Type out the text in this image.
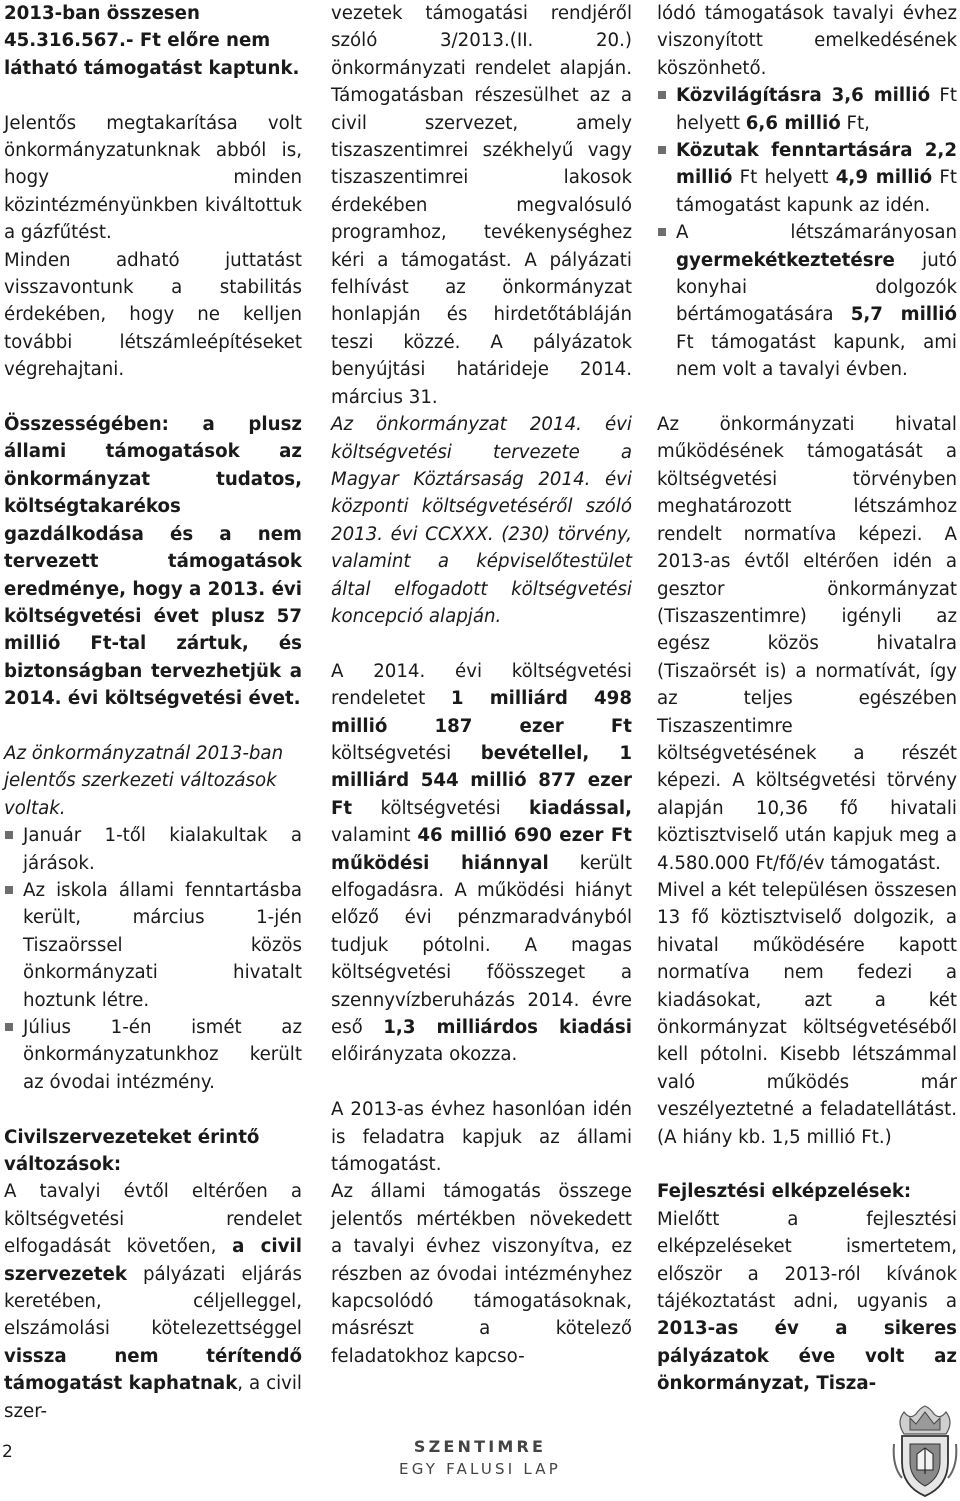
2013-ban összesen 45.316.567.- Ft előre nem látható támogatást kaptunk.

Jelentős megtakarítása volt önkormányzatunknak abból is, hogy minden közintézményünkben kiváltottuk a gázfűtést.

Minden adható juttatást visszavontunk a stabilitás érdekében, hogy ne kelljen további létszámleépítéseket végrehajtani.

Összességében: a plusz állami támogatások az önkormányzat tudatos, költségtakarékos gazdálkodása és a nem tervezett támogatások eredménye, hogy a 2013. évi költségvetési évet plusz 57 millió Ft-tal zártuk, és biztonságban tervezhetjük a 2014. évi költségvetési évet.

Az önkormányzatnál 2013-ban jelentős szerkezeti változások voltak.

Január 1-től kialakultak a járások.
Az iskola állami fenntartásba került, március 1-jén Tiszaörssel közös önkormányzati hivatalt hoztunk létre.
Július 1-én ismét az önkormányzatunkhoz került az óvodai intézmény.

Civilszervezeteket érintő változások:

A tavalyi évtől eltérően a költségvetési rendelet elfogadását követően, a civil szervezetek pályázati eljárás keretében, céljelleggel, elszámolási kötelezettséggel vissza nem térítendő támogatást kaphatnak, a civil szer-

vezetek támogatási rendjéről szóló 3/2013.(II. 20.) önkormányzati rendelet alapján. Támogatásban részesülhet az a civil szervezet, amely tiszaszentimrei székhelyű vagy tiszaszentimrei lakosok érdekében megvalósuló programhoz, tevékenységhez kéri a támogatást. A pályázati felhívást az önkormányzat honlapján és hirdetőtábláján teszi közzé. A pályázatok benyújtási határideje 2014. március 31.

Az önkormányzat 2014. évi költségvetési tervezete a Magyar Köztársaság 2014. évi központi költségvetéséről szóló 2013. évi CCXXX. (230) törvény, valamint a képviselőtestület által elfogadott költségvetési koncepció alapján.

A 2014. évi költségvetési rendeletet 1 milliárd 498 millió 187 ezer Ft költségvetési bevétellel, 1 milliárd 544 millió 877 ezer Ft költségvetési kiadással, valamint 46 millió 690 ezer Ft működési hiánnyal került elfogadásra. A működési hiányt előző évi pénzmaradványból tudjuk pótolni. A magas költségvetési főösszeget a szennyvízberuházás 2014. évre eső 1,3 milliárdos kiadási előirányzata okozza.

A 2013-as évhez hasonlóan idén is feladatra kapjuk az állami támogatást.

Az állami támogatás összege jelentős mértékben növekedett a tavalyi évhez viszonyítva, ez részben az óvodai intézményhez kapcsolódó támogatásoknak, másrészt a kötelező feladatokhoz kapcso-

lódó támogatások tavalyi évhez viszonyított emelkedésének köszönhető.

Közvilágításra 3,6 millió Ft helyett 6,6 millió Ft,
Közutak fenntartására 2,2 millió Ft helyett 4,9 millió Ft támogatást kapunk az idén.
A létszámarányosan gyermekétkeztetésre jutó konyhai dolgozók bértámogatására 5,7 millió Ft támogatást kapunk, ami nem volt a tavalyi évben.

Az önkormányzati hivatal működésének támogatását a költségvetési törvényben meghatározott létszámhoz rendelt normatíva képezi. A 2013-as évtől eltérően idén a gesztor önkormányzat (Tiszaszentimre) igényli az egész közös hivatalra (Tiszaörsét is) a normatívát, így az teljes egészében Tiszaszentimre költségvetésének a részét képezi. A költségvetési törvény alapján 10,36 fő hivatali köztisztviselő után kapjuk meg a 4.580.000 Ft/fő/év támogatást.

Mivel a két településen összesen 13 fő köztisztviselő dolgozik, a hivatal működésére kapott normatíva nem fedezi a kiadásokat, azt a két önkormányzat költségvetéséből kell pótolni. Kisebb létszámmal való működés már veszélyeztetné a feladatellátást. (A hiány kb. 1,5 millió Ft.)

Fejlesztési elképzelések:

Mielőtt a fejlesztési elképzeléseket ismertetem, először a 2013-ról kívánok tájékoztatást adni, ugyanis a 2013-as év a sikeres pályázatok éve volt az önkormányzat, Tisza-

2	SZENTIMRE
EGY FALUSI LAP
